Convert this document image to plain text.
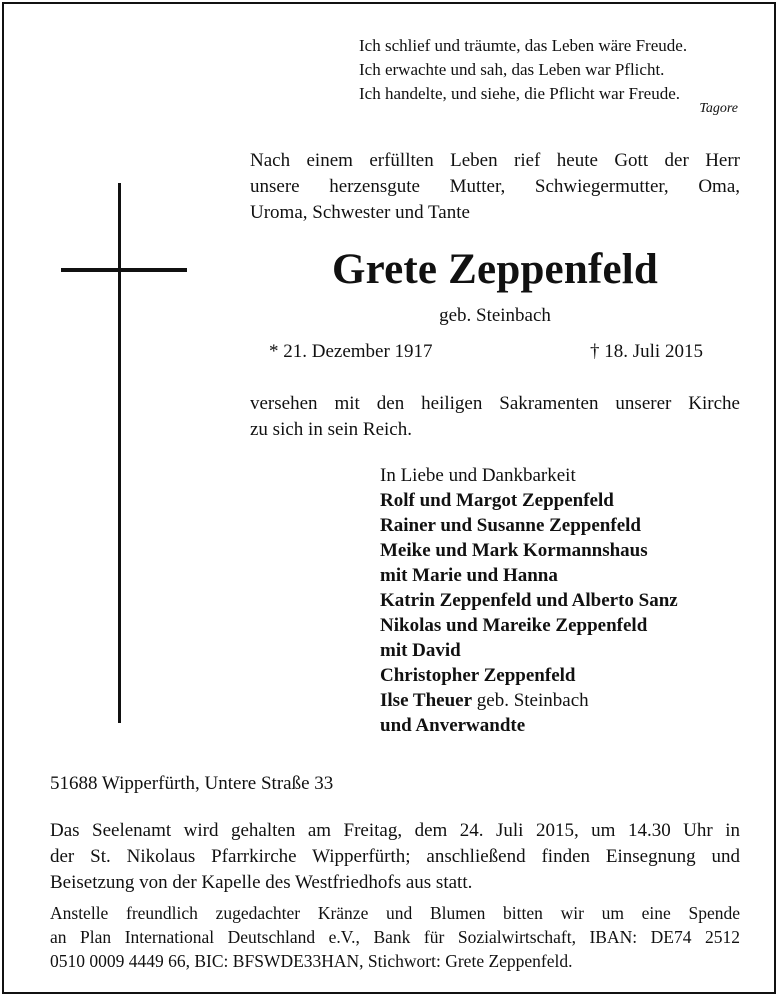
Ich schlief und träumte, das Leben wäre Freude.
Ich erwachte und sah, das Leben war Pflicht.
Ich handelte, und siehe, die Pflicht war Freude.
Tagore
Nach einem erfüllten Leben rief heute Gott der Herr
unsere herzensgute Mutter, Schwiegermutter, Oma,
Uroma, Schwester und Tante
Grete Zeppenfeld
geb. Steinbach
* 21. Dezember 1917	† 18. Juli 2015
versehen mit den heiligen Sakramenten unserer Kirche
zu sich in sein Reich.
In Liebe und Dankbarkeit
Rolf und Margot Zeppenfeld
Rainer und Susanne Zeppenfeld
Meike und Mark Kormannshaus
mit Marie und Hanna
Katrin Zeppenfeld und Alberto Sanz
Nikolas und Mareike Zeppenfeld
mit David
Christopher Zeppenfeld
Ilse Theuer geb. Steinbach
und Anverwandte
51688 Wipperfürth, Untere Straße 33
Das Seelenamt wird gehalten am Freitag, dem 24. Juli 2015, um 14.30 Uhr in
der St. Nikolaus Pfarrkirche Wipperfürth; anschließend finden Einsegnung und
Beisetzung von der Kapelle des Westfriedhofs aus statt.
Anstelle freundlich zugedachter Kränze und Blumen bitten wir um eine Spende
an Plan International Deutschland e.V., Bank für Sozialwirtschaft, IBAN: DE74 2512
0510 0009 4449 66, BIC: BFSWDE33HAN, Stichwort: Grete Zeppenfeld.
